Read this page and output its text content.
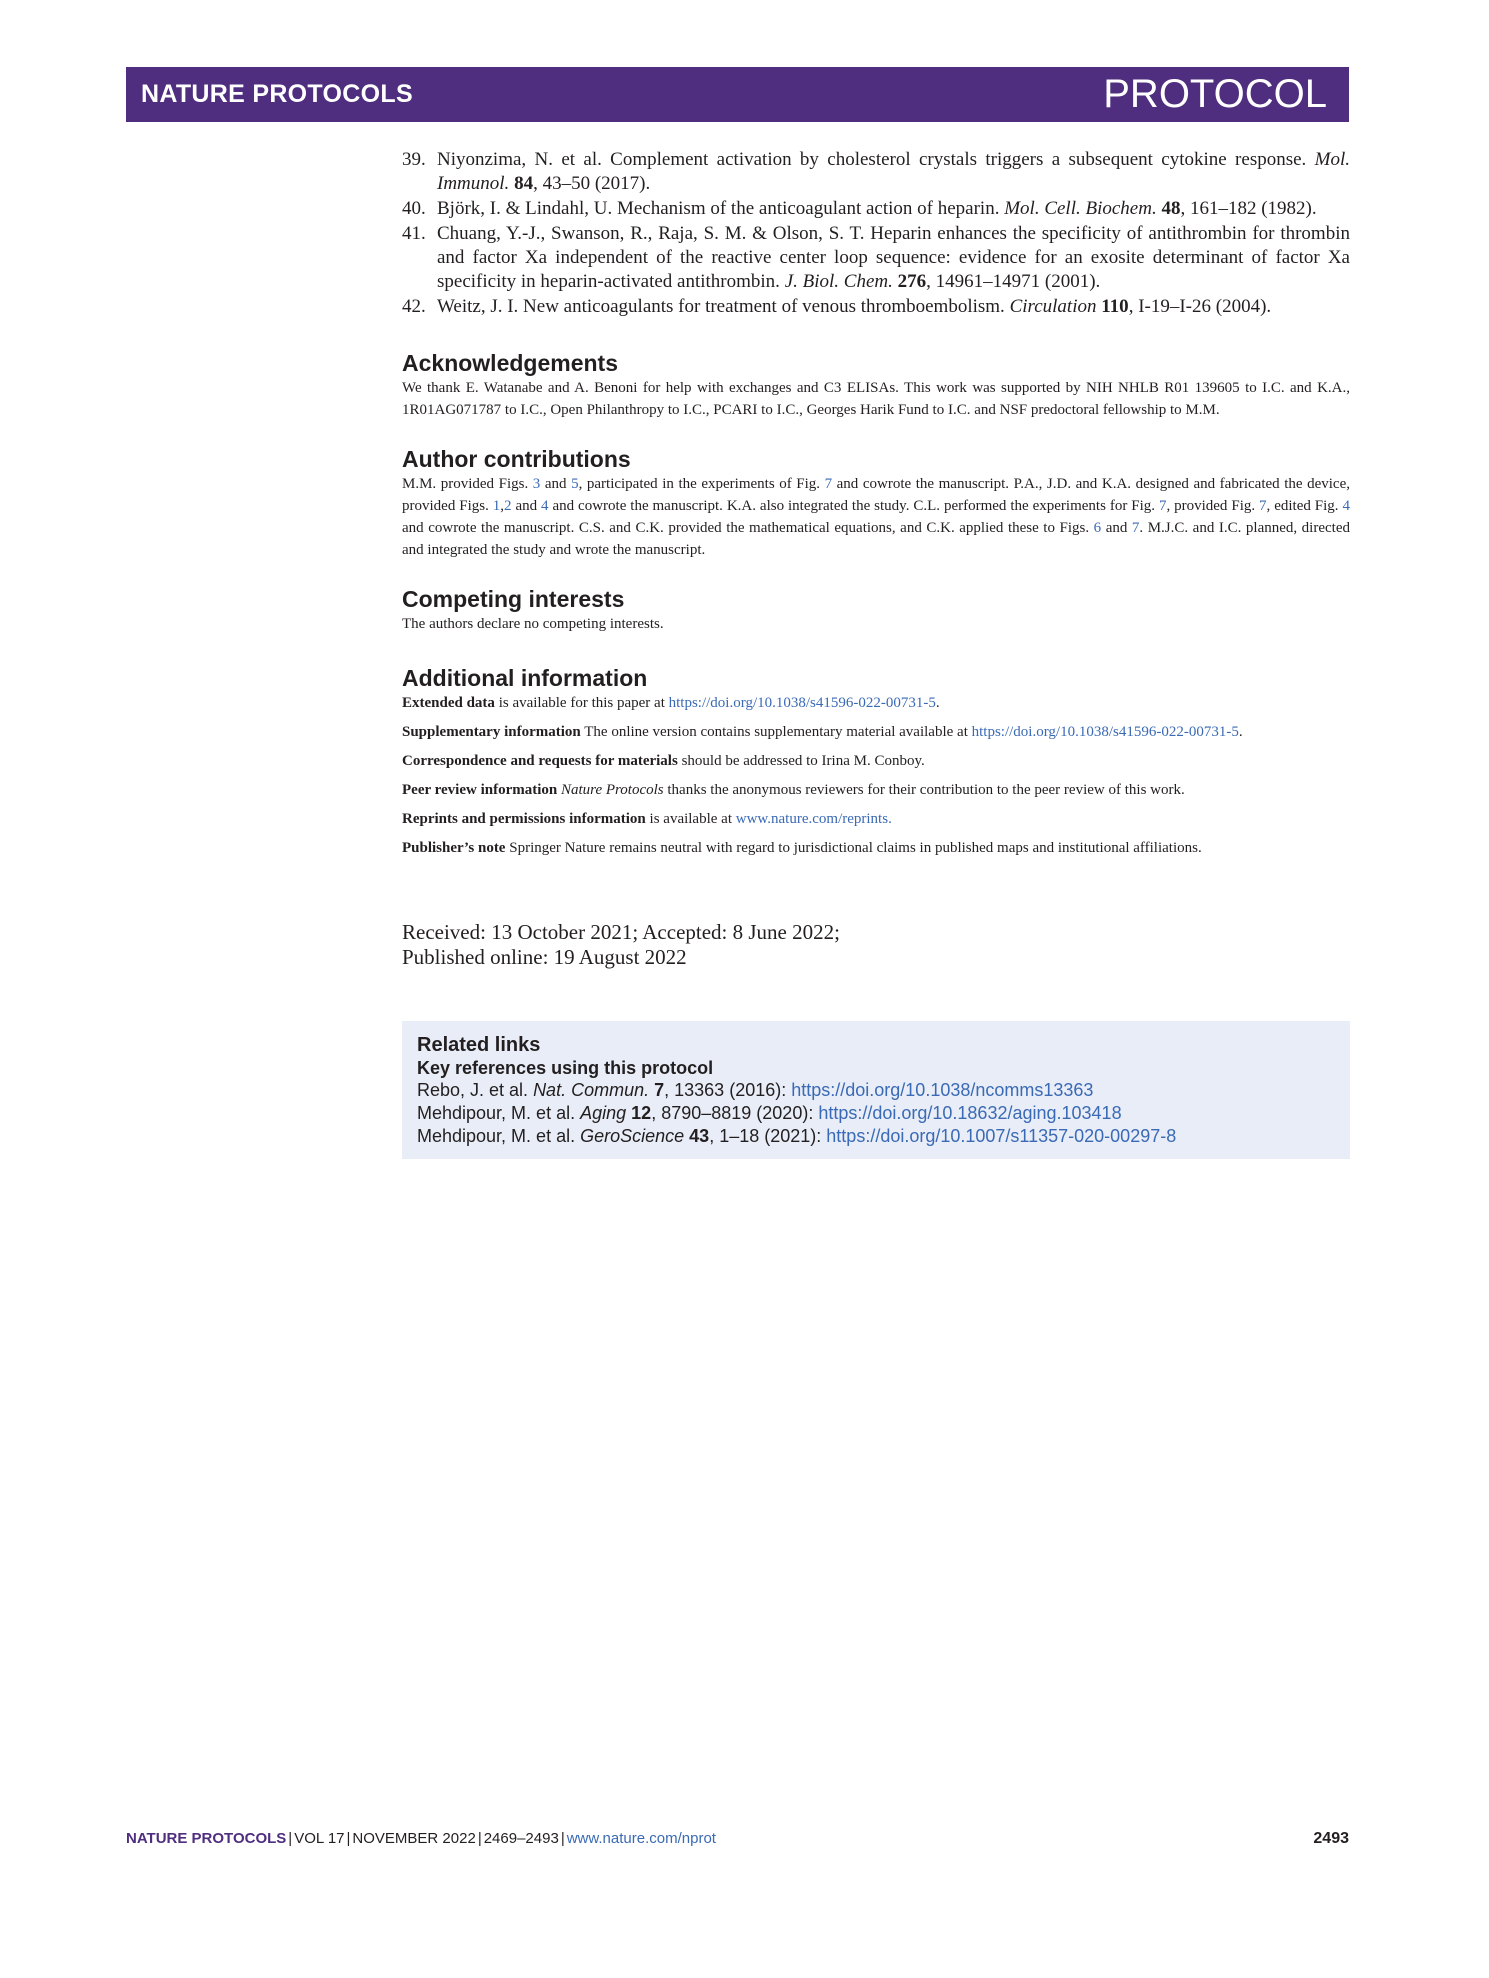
NATURE PROTOCOLS	PROTOCOL
39. Niyonzima, N. et al. Complement activation by cholesterol crystals triggers a subsequent cytokine response. Mol. Immunol. 84, 43–50 (2017).
40. Björk, I. & Lindahl, U. Mechanism of the anticoagulant action of heparin. Mol. Cell. Biochem. 48, 161–182 (1982).
41. Chuang, Y.-J., Swanson, R., Raja, S. M. & Olson, S. T. Heparin enhances the specificity of antithrombin for thrombin and factor Xa independent of the reactive center loop sequence: evidence for an exosite determinant of factor Xa specificity in heparin-activated antithrombin. J. Biol. Chem. 276, 14961–14971 (2001).
42. Weitz, J. I. New anticoagulants for treatment of venous thromboembolism. Circulation 110, I-19–I-26 (2004).
Acknowledgements

We thank E. Watanabe and A. Benoni for help with exchanges and C3 ELISAs. This work was supported by NIH NHLB R01 139605 to I.C. and K.A., 1R01AG071787 to I.C., Open Philanthropy to I.C., PCARI to I.C., Georges Harik Fund to I.C. and NSF predoctoral fellowship to M.M.

Author contributions

M.M. provided Figs. 3 and 5, participated in the experiments of Fig. 7 and cowrote the manuscript. P.A., J.D. and K.A. designed and fabricated the device, provided Figs. 1,2 and 4 and cowrote the manuscript. K.A. also integrated the study. C.L. performed the experiments for Fig. 7, provided Fig. 7, edited Fig. 4 and cowrote the manuscript. C.S. and C.K. provided the mathematical equations, and C.K. applied these to Figs. 6 and 7. M.J.C. and I.C. planned, directed and integrated the study and wrote the manuscript.

Competing interests

The authors declare no competing interests.

Additional information

Extended data is available for this paper at https://doi.org/10.1038/s41596-022-00731-5.

Supplementary information The online version contains supplementary material available at https://doi.org/10.1038/s41596-022-00731-5.

Correspondence and requests for materials should be addressed to Irina M. Conboy.

Peer review information Nature Protocols thanks the anonymous reviewers for their contribution to the peer review of this work.

Reprints and permissions information is available at www.nature.com/reprints.

Publisher’s note Springer Nature remains neutral with regard to jurisdictional claims in published maps and institutional affiliations.

Received: 13 October 2021; Accepted: 8 June 2022;
Published online: 19 August 2022
Related links
Key references using this protocol
Rebo, J. et al. Nat. Commun. 7, 13363 (2016): https://doi.org/10.1038/ncomms13363
Mehdipour, M. et al. Aging 12, 8790–8819 (2020): https://doi.org/10.18632/aging.103418
Mehdipour, M. et al. GeroScience 43, 1–18 (2021): https://doi.org/10.1007/s11357-020-00297-8
NATURE PROTOCOLS | VOL 17 | NOVEMBER 2022 | 2469–2493 | www.nature.com/nprot	2493
